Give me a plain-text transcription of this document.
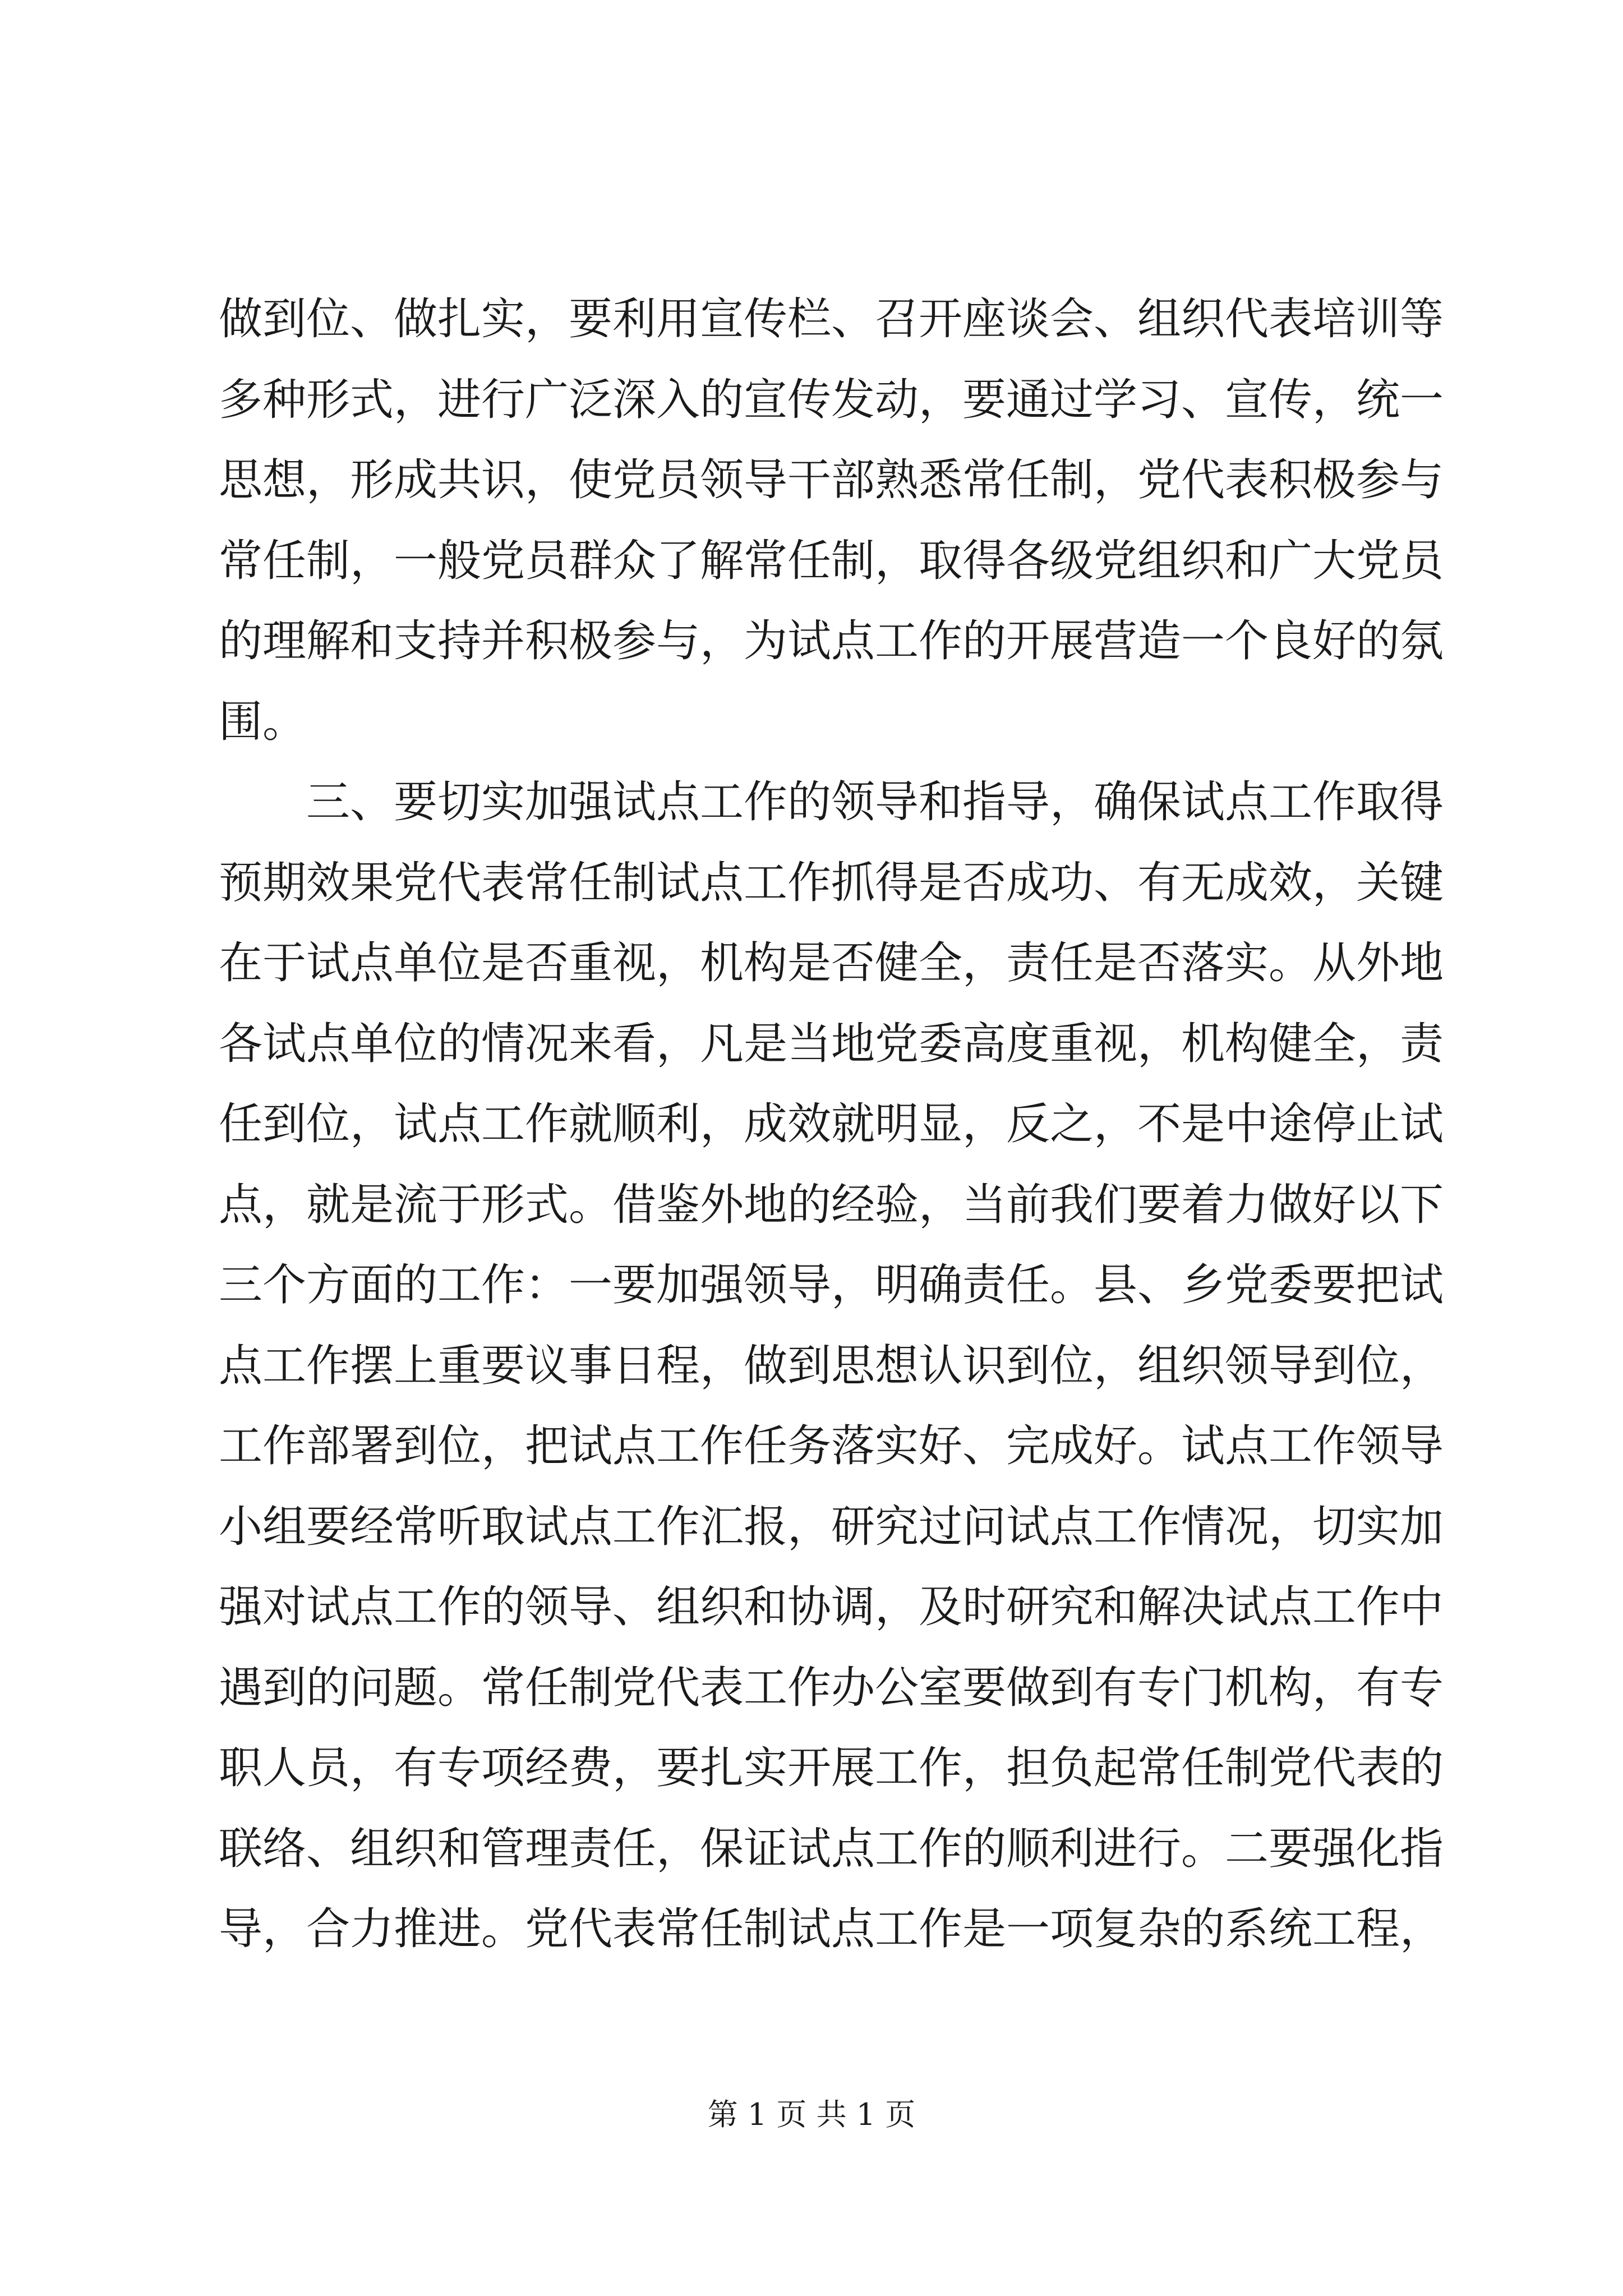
做到位、做扎实，要利用宣传栏、召开座谈会、组织代表培训等
多种形式，进行广泛深入的宣传发动，要通过学习、宣传，统一
思想，形成共识，使党员领导干部熟悉常任制，党代表积极参与
常任制，一般党员群众了解常任制，取得各级党组织和广大党员
的理解和支持并积极参与，为试点工作的开展营造一个良好的氛
围。
　　三、要切实加强试点工作的领导和指导，确保试点工作取得
预期效果党代表常任制试点工作抓得是否成功、有无成效，关键
在于试点单位是否重视，机构是否健全，责任是否落实。从外地
各试点单位的情况来看，凡是当地党委高度重视，机构健全，责
任到位，试点工作就顺利，成效就明显，反之，不是中途停止试
点，就是流于形式。借鉴外地的经验，当前我们要着力做好以下
三个方面的工作：一要加强领导，明确责任。县、乡党委要把试
点工作摆上重要议事日程，做到思想认识到位，组织领导到位，
工作部署到位，把试点工作任务落实好、完成好。试点工作领导
小组要经常听取试点工作汇报，研究过问试点工作情况，切实加
强对试点工作的领导、组织和协调，及时研究和解决试点工作中
遇到的问题。常任制党代表工作办公室要做到有专门机构，有专
职人员，有专项经费，要扎实开展工作，担负起常任制党代表的
联络、组织和管理责任，保证试点工作的顺利进行。二要强化指
导，合力推进。党代表常任制试点工作是一项复杂的系统工程，
第 1 页 共 1 页
